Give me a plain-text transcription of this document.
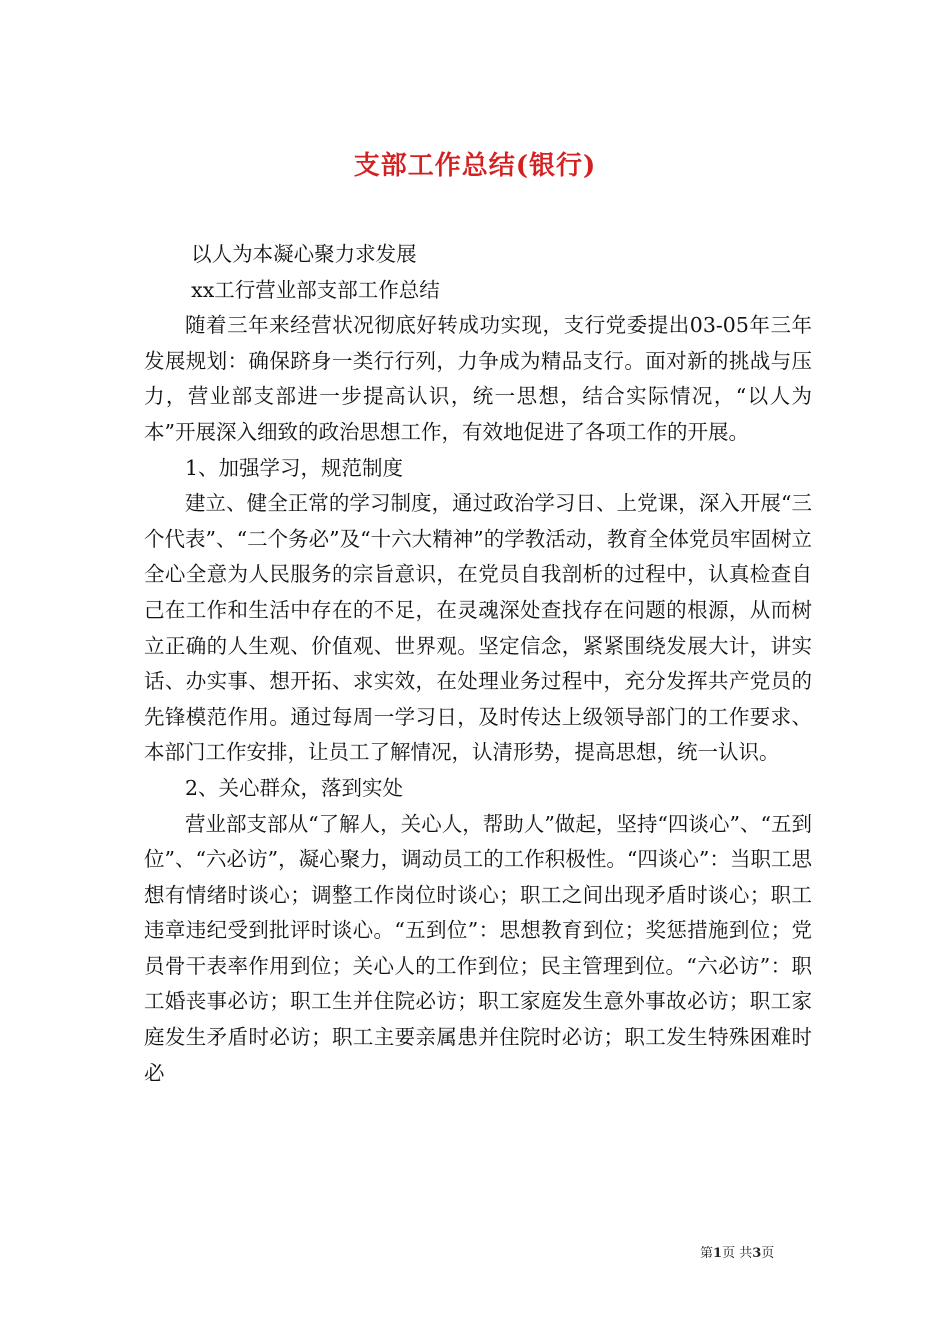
支部工作总结(银行)

以人为本凝心聚力求发展

xx工行营业部支部工作总结

随着三年来经营状况彻底好转成功实现，支行党委提出03-05年三年发展规划：确保跻身一类行行列，力争成为精品支行。面对新的挑战与压力，营业部支部进一步提高认识，统一思想，结合实际情况，“以人为本”开展深入细致的政治思想工作，有效地促进了各项工作的开展。

1、加强学习，规范制度

建立、健全正常的学习制度，通过政治学习日、上党课，深入开展“三个代表”、“二个务必”及“十六大精神”的学教活动，教育全体党员牢固树立全心全意为人民服务的宗旨意识，在党员自我剖析的过程中，认真检查自己在工作和生活中存在的不足，在灵魂深处查找存在问题的根源，从而树立正确的人生观、价值观、世界观。坚定信念，紧紧围绕发展大计，讲实话、办实事、想开拓、求实效，在处理业务过程中，充分发挥共产党员的先锋模范作用。通过每周一学习日，及时传达上级领导部门的工作要求、本部门工作安排，让员工了解情况，认清形势，提高思想，统一认识。

2、关心群众，落到实处

营业部支部从“了解人，关心人，帮助人”做起，坚持“四谈心”、“五到位”、“六必访”，凝心聚力，调动员工的工作积极性。“四谈心”：当职工思想有情绪时谈心；调整工作岗位时谈心；职工之间出现矛盾时谈心；职工违章违纪受到批评时谈心。“五到位”：思想教育到位；奖惩措施到位；党员骨干表率作用到位；关心人的工作到位；民主管理到位。“六必访”：职工婚丧事必访；职工生并住院必访；职工家庭发生意外事故必访；职工家庭发生矛盾时必访；职工主要亲属患并住院时必访；职工发生特殊困难时必

第1页 共3页
